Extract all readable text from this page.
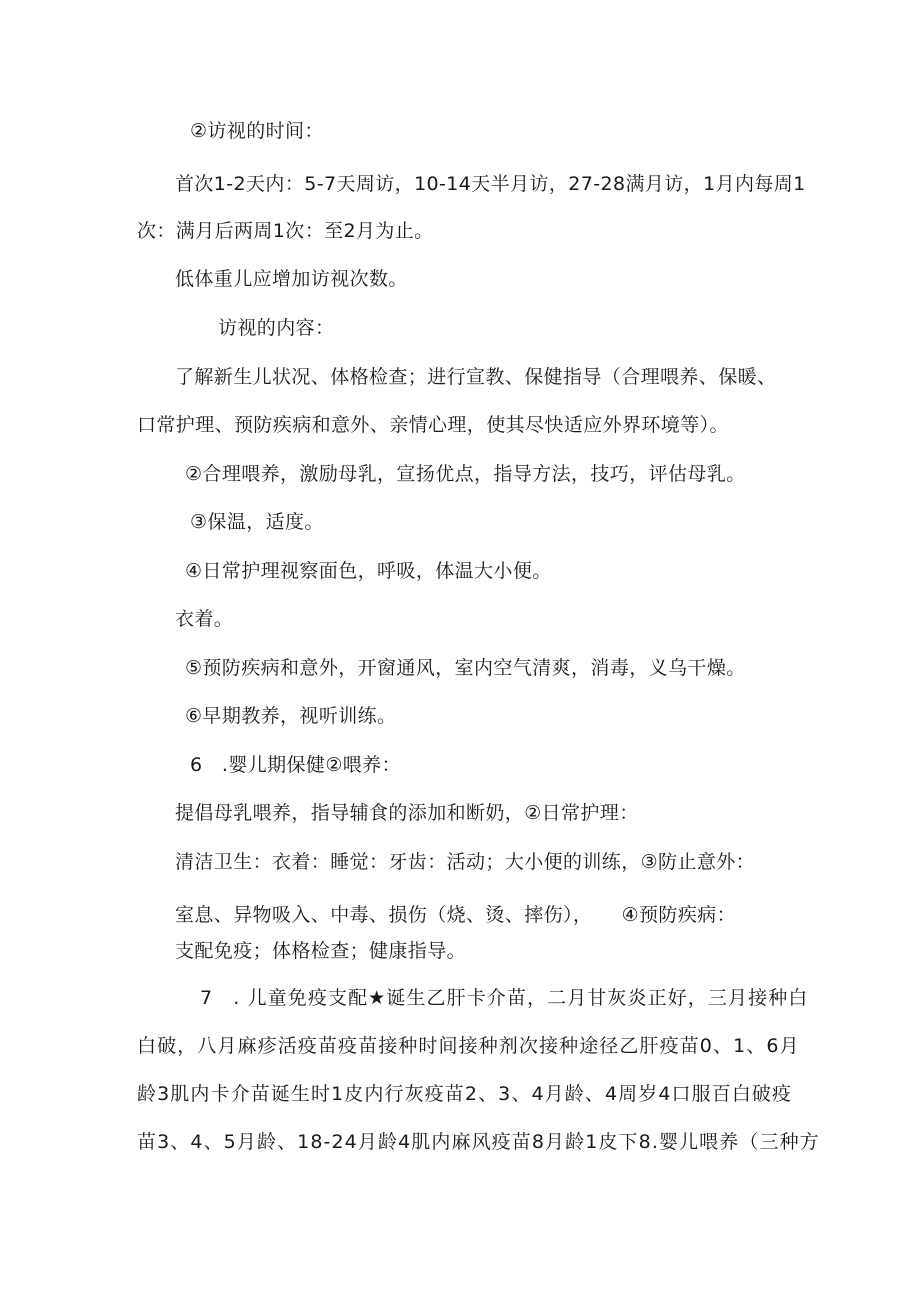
②访视的时间：

首次1-2天内：5-7天周访，10-14天半月访，27-28满月访，1月内每周1

次：满月后两周1次：至2月为止。

低体重儿应增加访视次数。

访视的内容：

了解新生儿状况、体格检查；进行宣教、保健指导（合理喂养、保暖、

口常护理、预防疾病和意外、亲情心理，使其尽快适应外界环境等）。

②合理喂养，激励母乳，宣扬优点，指导方法，技巧，评估母乳。

③保温，适度。

④日常护理视察面色，呼吸，体温大小便。

衣着。

⑤预防疾病和意外，开窗通风，室内空气清爽，消毒，义乌干燥。

⑥早期教养，视听训练。

6　.婴儿期保健②喂养：

提倡母乳喂养，指导辅食的添加和断奶，②日常护理：

清洁卫生：衣着：睡觉：牙齿：活动；大小便的训练，③防止意外：

室息、异物吸入、中毒、损伤（烧、烫、摔伤），　　④预防疾病：

支配免疫；体格检查；健康指导。

7　. 儿童免疫支配★诞生乙肝卡介苗，二月甘灰炎正好，三月接种白

白破，八月麻疹活疫苗疫苗接种时间接种剂次接种途径乙肝疫苗0、1、6月

龄3肌内卡介苗诞生时1皮内行灰疫苗2、3、4月龄、4周岁4口服百白破疫

苗3、4、5月龄、18-24月龄4肌内麻风疫苗8月龄1皮下8.婴儿喂养（三种方
